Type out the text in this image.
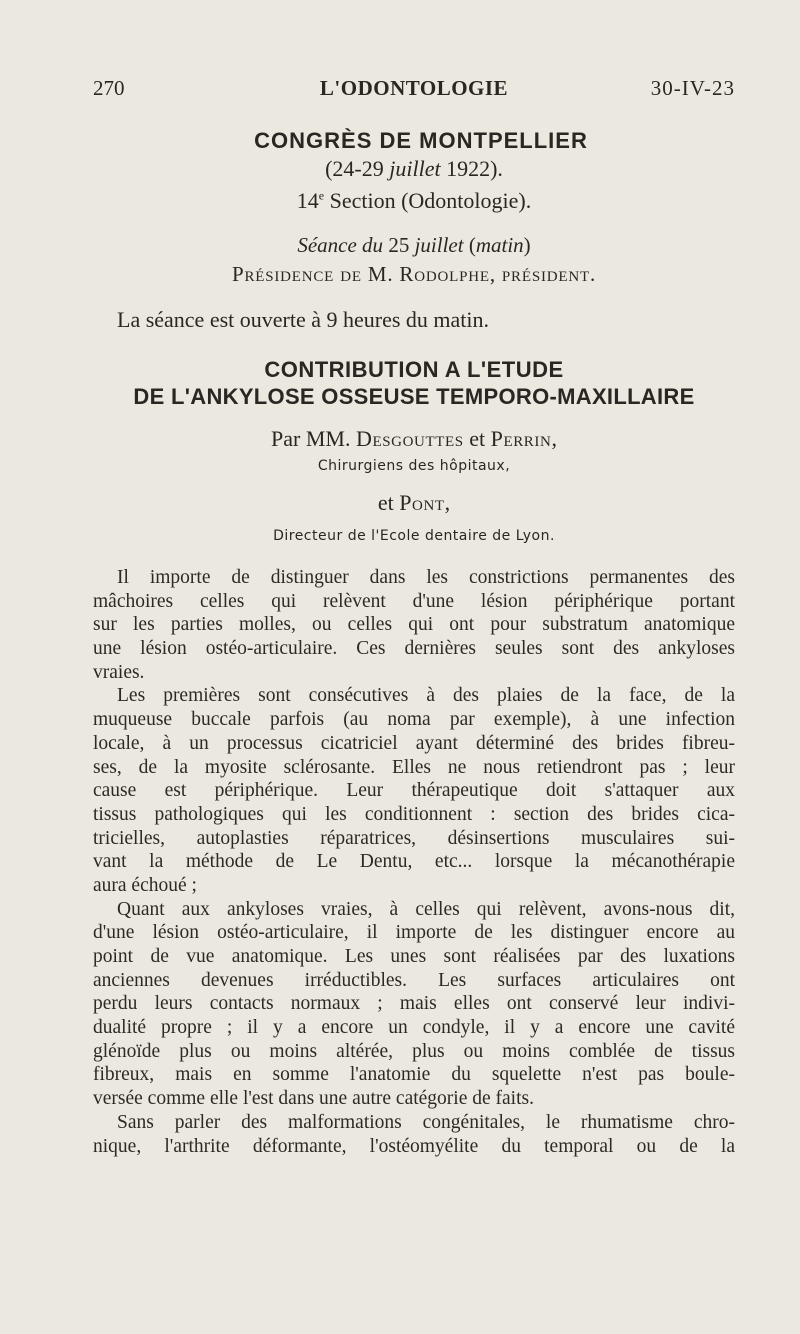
270	L'ODONTOLOGIE	30-IV-23
CONGRÈS DE MONTPELLIER
(24-29 juillet 1922).
14e Section (Odontologie).
Séance du 25 juillet (matin)
Présidence de M. Rodolphe, président.
La séance est ouverte à 9 heures du matin.
CONTRIBUTION A L'ETUDE
DE L'ANKYLOSE OSSEUSE TEMPORO-MAXILLAIRE
Par MM. Desgouttes et Perrin,
Chirurgiens des hôpitaux,
et Pont,
Directeur de l'Ecole dentaire de Lyon.
Il importe de distinguer dans les constrictions permanentes des
mâchoires celles qui relèvent d'une lésion périphérique portant
sur les parties molles, ou celles qui ont pour substratum anatomique
une lésion ostéo-articulaire. Ces dernières seules sont des ankyloses
vraies.
Les premières sont consécutives à des plaies de la face, de la
muqueuse buccale parfois (au noma par exemple), à une infection
locale, à un processus cicatriciel ayant déterminé des brides fibreu-
ses, de la myosite sclérosante. Elles ne nous retiendront pas ; leur
cause est périphérique. Leur thérapeutique doit s'attaquer aux
tissus pathologiques qui les conditionnent : section des brides cica-
tricielles, autoplasties réparatrices, désinsertions musculaires sui-
vant la méthode de Le Dentu, etc... lorsque la mécanothérapie
aura échoué ;
Quant aux ankyloses vraies, à celles qui relèvent, avons-nous dit,
d'une lésion ostéo-articulaire, il importe de les distinguer encore au
point de vue anatomique. Les unes sont réalisées par des luxations
anciennes devenues irréductibles. Les surfaces articulaires ont
perdu leurs contacts normaux ; mais elles ont conservé leur indivi-
dualité propre ; il y a encore un condyle, il y a encore une cavité
glénoïde plus ou moins altérée, plus ou moins comblée de tissus
fibreux, mais en somme l'anatomie du squelette n'est pas boule-
versée comme elle l'est dans une autre catégorie de faits.
Sans parler des malformations congénitales, le rhumatisme chro-
nique, l'arthrite déformante, l'ostéomyélite du temporal ou de la
